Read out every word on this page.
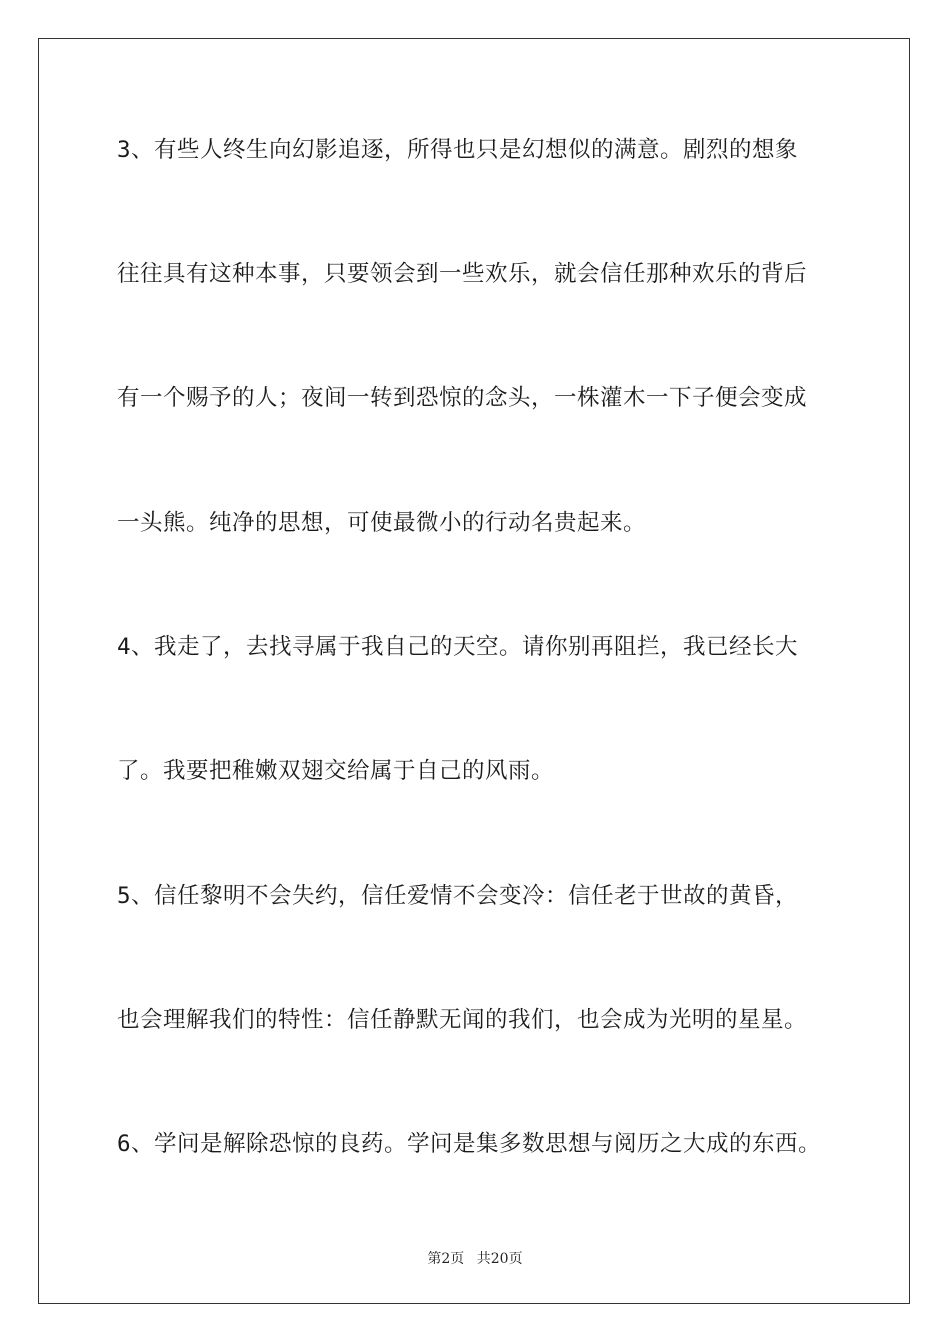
3、有些人终生向幻影追逐，所得也只是幻想似的满意。剧烈的想象
往往具有这种本事，只要领会到一些欢乐，就会信任那种欢乐的背后
有一个赐予的人；夜间一转到恐惊的念头，一株灌木一下子便会变成
一头熊。纯净的思想，可使最微小的行动名贵起来。
4、我走了，去找寻属于我自己的天空。请你别再阻拦，我已经长大
了。我要把稚嫩双翅交给属于自己的风雨。
5、信任黎明不会失约，信任爱情不会变冷：信任老于世故的黄昏，
也会理解我们的特性：信任静默无闻的我们，也会成为光明的星星。
6、学问是解除恐惊的良药。学问是集多数思想与阅历之大成的东西。
第2页 共20页
